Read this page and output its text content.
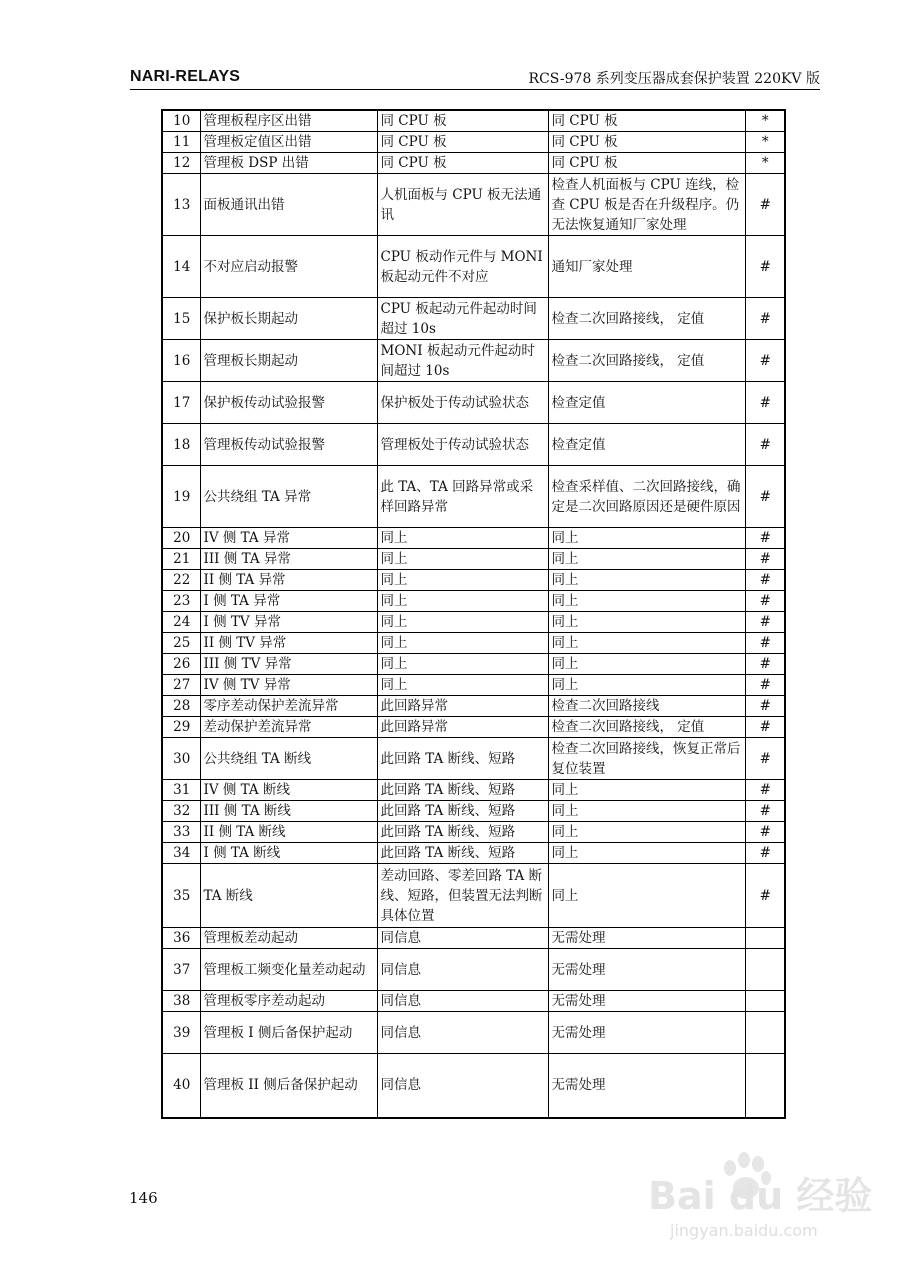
NARI-RELAYS	RCS-978 系列变压器成套保护装置 220KV 版
10	管理板程序区出错	同 CPU 板	同 CPU 板	*
11	管理板定值区出错	同 CPU 板	同 CPU 板	*
12	管理板 DSP 出错	同 CPU 板	同 CPU 板	*
13	面板通讯出错	人机面板与 CPU 板无法通讯	检查人机面板与 CPU 连线，检查 CPU 板是否在升级程序。仍无法恢复通知厂家处理	#
14	不对应启动报警	CPU 板动作元件与 MONI 板起动元件不对应	通知厂家处理	#
15	保护板长期起动	CPU 板起动元件起动时间超过 10s	检查二次回路接线， 定值	#
16	管理板长期起动	MONI 板起动元件起动时间超过 10s	检查二次回路接线， 定值	#
17	保护板传动试验报警	保护板处于传动试验状态	检查定值	#
18	管理板传动试验报警	管理板处于传动试验状态	检查定值	#
19	公共绕组 TA 异常	此 TA、TA 回路异常或采样回路异常	检查采样值、二次回路接线，确定是二次回路原因还是硬件原因	#
20	IV 侧 TA 异常	同上	同上	#
21	III 侧 TA 异常	同上	同上	#
22	II 侧 TA 异常	同上	同上	#
23	I 侧 TA 异常	同上	同上	#
24	I 侧 TV 异常	同上	同上	#
25	II 侧 TV 异常	同上	同上	#
26	III 侧 TV 异常	同上	同上	#
27	IV 侧 TV 异常	同上	同上	#
28	零序差动保护差流异常	此回路异常	检查二次回路接线	#
29	差动保护差流异常	此回路异常	检查二次回路接线， 定值	#
30	公共绕组 TA 断线	此回路 TA 断线、短路	检查二次回路接线，恢复正常后复位装置	#
31	IV 侧 TA 断线	此回路 TA 断线、短路	同上	#
32	III 侧 TA 断线	此回路 TA 断线、短路	同上	#
33	II 侧 TA 断线	此回路 TA 断线、短路	同上	#
34	I 侧 TA 断线	此回路 TA 断线、短路	同上	#
35	TA 断线	差动回路、零差回路 TA 断线、短路，但装置无法判断具体位置	同上	#
36	管理板差动起动	同信息	无需处理	
37	管理板工频变化量差动起动	同信息	无需处理	
38	管理板零序差动起动	同信息	无需处理	
39	管理板 I 侧后备保护起动	同信息	无需处理	
40	管理板 II 侧后备保护起动	同信息	无需处理	
146	Bai du 经验
jingyan.baidu.com
